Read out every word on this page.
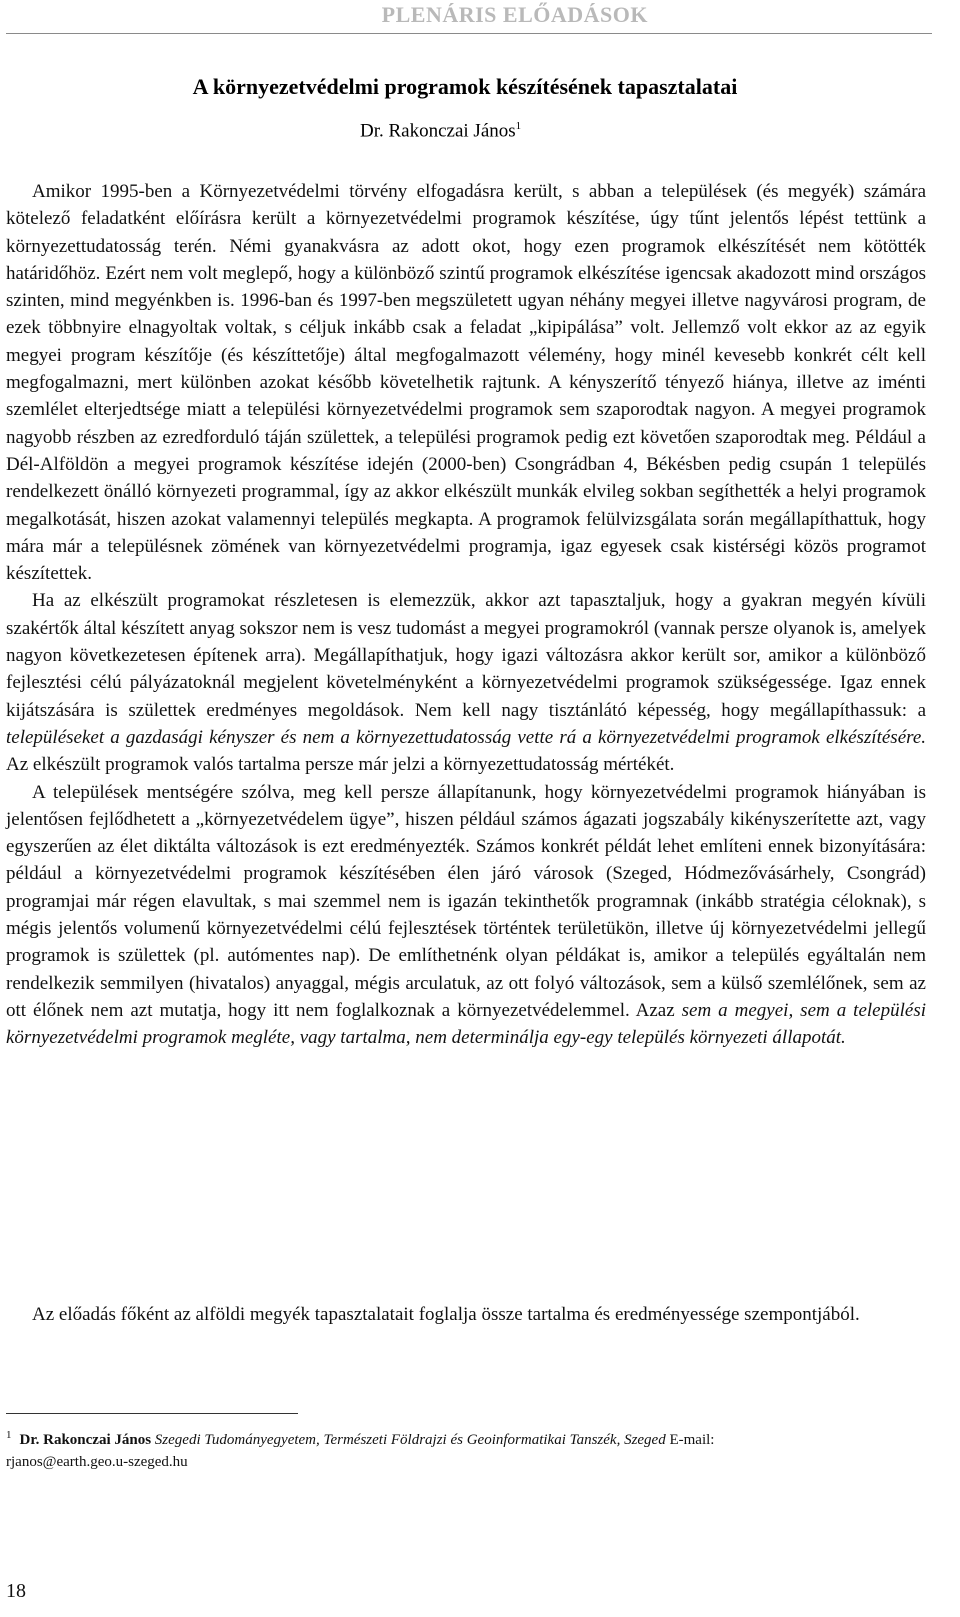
PLENÁRIS ELŐADÁSOK
A környezetvédelmi programok készítésének tapasztalatai
Dr. Rakonczai János$^1$

Amikor 1995-ben a Környezetvédelmi törvény elfogadásra került, s abban a települések (és megyék) számára kötelező feladatként előírásra került a környezetvédelmi programok készítése, úgy tűnt jelentős lépést tettünk a környezettudatosság terén. Némi gyanakvásra az adott okot, hogy ezen programok elkészítését nem kötötték határidőhöz. Ezért nem volt meglepő, hogy a különböző szintű programok elkészítése igencsak akadozott mind országos szinten, mind megyénkben is. 1996-ban és 1997-ben megszületett ugyan néhány megyei illetve nagyvárosi program, de ezek többnyire elnagyoltak voltak, s céljuk inkább csak a feladat „kipipálása” volt. Jellemző volt ekkor az az egyik megyei program készítője (és készíttetője) által megfogalmazott vélemény, hogy minél kevesebb konkrét célt kell megfogalmazni, mert különben azokat később követelhetik rajtunk. A kényszerítő tényező hiánya, illetve az iménti szemlélet elterjedtsége miatt a települési környezetvédelmi programok sem szaporodtak nagyon. A megyei programok nagyobb részben az ezredforduló táján születtek, a települési programok pedig ezt követően szaporodtak meg. Például a Dél-Alföldön a megyei programok készítése idején (2000-ben) Csongrádban 4, Békésben pedig csupán 1 település rendelkezett önálló környezeti programmal, így az akkor elkészült munkák elvileg sokban segíthették a helyi programok megalkotását, hiszen azokat valamennyi település megkapta. A programok felülvizsgálata során megállapíthattuk, hogy mára már a településnek zömének van környezetvédelmi programja, igaz egyesek csak kistérségi közös programot készítettek.

Ha az elkészült programokat részletesen is elemezzük, akkor azt tapasztaljuk, hogy a gyakran megyén kívüli szakértők által készített anyag sokszor nem is vesz tudomást a megyei programokról (vannak persze olyanok is, amelyek nagyon következetesen építenek arra). Megállapíthatjuk, hogy igazi változásra akkor került sor, amikor a különböző fejlesztési célú pályázatoknál megjelent követelményként a környezetvédelmi programok szükségessége. Igaz ennek kijátszására is születtek eredményes megoldások. Nem kell nagy tisztánlátó képesség, hogy megállapíthassuk: a településeket a gazdasági kényszer és nem a környezettudatosság vette rá a környezetvédelmi programok elkészítésére. Az elkészült programok valós tartalma persze már jelzi a környezettudatosság mértékét.

A települések mentségére szólva, meg kell persze állapítanunk, hogy környezetvédelmi programok hiányában is jelentősen fejlődhetett a „környezetvédelem ügye”, hiszen például számos ágazati jogszabály kikényszerítette azt, vagy egyszerűen az élet diktálta változások is ezt eredményezték. Számos konkrét példát lehet említeni ennek bizonyítására: például a környezetvédelmi programok készítésében élen járó városok (Szeged, Hódmezővásárhely, Csongrád) programjai már régen elavultak, s mai szemmel nem is igazán tekinthetők programnak (inkább stratégia céloknak), s mégis jelentős volumenű környezetvédelmi célú fejlesztések történtek területükön, illetve új környezetvédelmi jellegű programok is születtek (pl. autómentes nap). De említhetnénk olyan példákat is, amikor a település egyáltalán nem rendelkezik semmilyen (hivatalos) anyaggal, mégis arculatuk, az ott folyó változások, sem a külső szemlélőnek, sem az ott élőnek nem azt mutatja, hogy itt nem foglalkoznak a környezetvédelemmel. Azaz sem a megyei, sem a települési környezetvédelmi programok megléte, vagy tartalma, nem determinálja egy-egy település környezeti állapotát.

Az előadás főként az alföldi megyék tapasztalatait foglalja össze tartalma és eredményessége szempontjából.

$^1$ Dr. Rakonczai János Szegedi Tudományegyetem, Természeti Földrajzi és Geoinformatikai Tanszék, Szeged E-mail:
rjanos@earth.geo.u-szeged.hu
18
